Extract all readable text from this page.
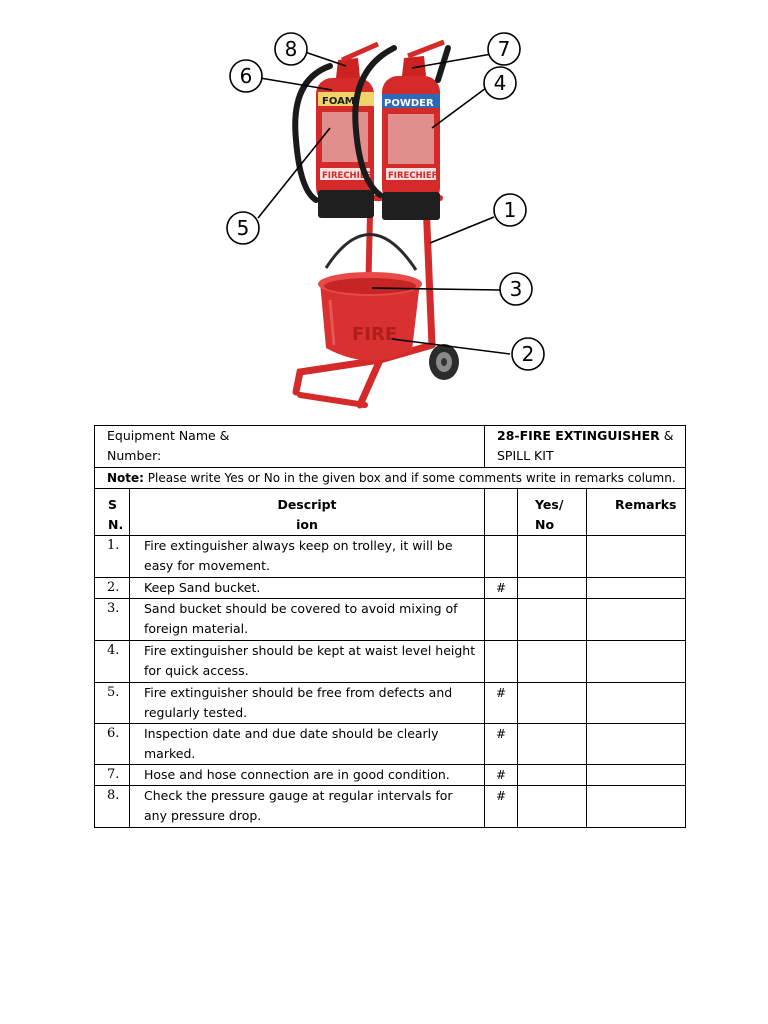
FIRE
FOAM
FIRECHIEF
POWDER
FIRECHIEF
1
2
3
4
5
6
7
8
Equipment Name & Number:		28-FIRE EXTINGUISHER & SPILL KIT		
Note: Please write Yes or No in the given box and if some comments write in remarks column.				

S N.	Description		Yes/ No	Remarks

1.	Fire extinguisher always keep on trolley, it will be easy for movement.			
2.	Keep Sand bucket.	#		
3.	Sand bucket should be covered to avoid mixing of foreign material.			
4.	Fire extinguisher should be kept at waist level height for quick access.			
5.	Fire extinguisher should be free from defects and regularly tested.	#		
6.	Inspection date and due date should be clearly marked.	#		
7.	Hose and hose connection are in good condition.	#		
8.	Check the pressure gauge at regular intervals for any pressure drop.	#		
